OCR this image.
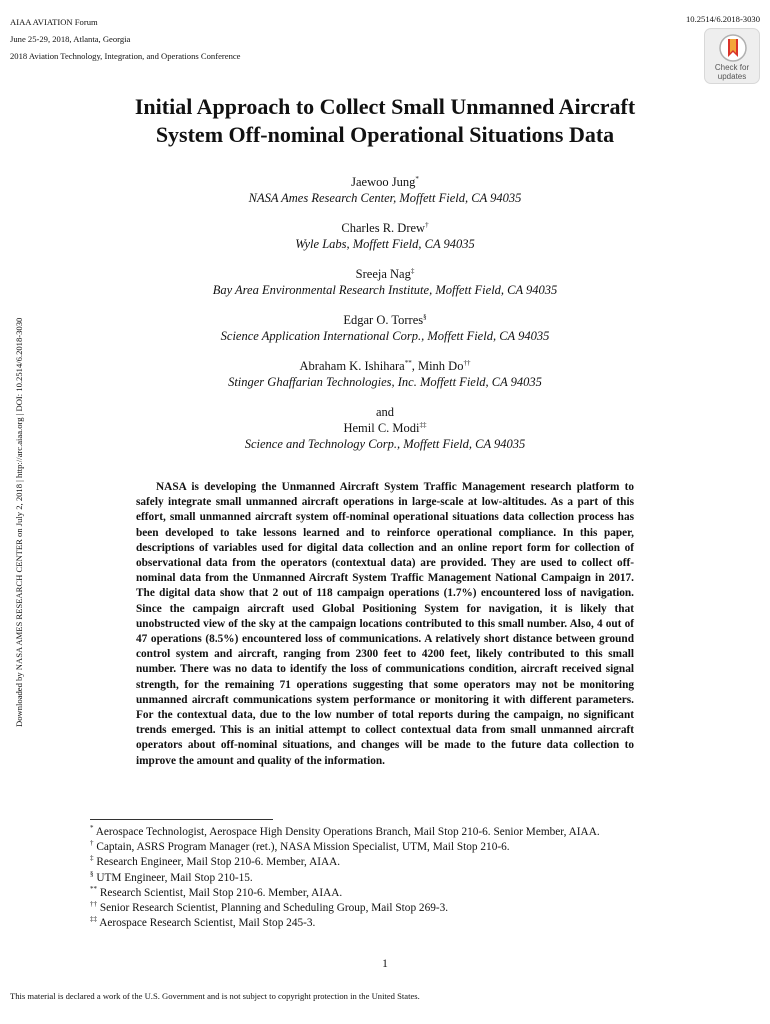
AIAA AVIATION Forum
June 25-29, 2018, Atlanta, Georgia
2018 Aviation Technology, Integration, and Operations Conference
10.2514/6.2018-3030
Check for
updates
Downloaded by NASA AMES RESEARCH CENTER on July 2, 2018 | http://arc.aiaa.org | DOI: 10.2514/6.2018-3030
Initial Approach to Collect Small Unmanned Aircraft
System Off-nominal Operational Situations Data
Jaewoo Jung*
NASA Ames Research Center, Moffett Field, CA 94035
Charles R. Drew†
Wyle Labs, Moffett Field, CA 94035
Sreeja Nag‡
Bay Area Environmental Research Institute, Moffett Field, CA 94035
Edgar O. Torres§
Science Application International Corp., Moffett Field, CA 94035
Abraham K. Ishihara**, Minh Do††
Stinger Ghaffarian Technologies, Inc. Moffett Field, CA 94035
and
Hemil C. Modi‡‡
Science and Technology Corp., Moffett Field, CA 94035

NASA is developing the Unmanned Aircraft System Traffic Management research platform to safely integrate small unmanned aircraft operations in large-scale at low-altitudes. As a part of this effort, small unmanned aircraft system off-nominal operational situations data collection process has been developed to take lessons learned and to reinforce operational compliance. In this paper, descriptions of variables used for digital data collection and an online report form for collection of observational data from the operators (contextual data) are provided. They are used to collect off-nominal data from the Unmanned Aircraft System Traffic Management National Campaign in 2017. The digital data show that 2 out of 118 campaign operations (1.7%) encountered loss of navigation. Since the campaign aircraft used Global Positioning System for navigation, it is likely that unobstructed view of the sky at the campaign locations contributed to this small number. Also, 4 out of 47 operations (8.5%) encountered loss of communications. A relatively short distance between ground control system and aircraft, ranging from 2300 feet to 4200 feet, likely contributed to this small number. There was no data to identify the loss of communications condition, aircraft received signal strength, for the remaining 71 operations suggesting that some operators may not be monitoring unmanned aircraft communications system performance or monitoring it with different parameters. For the contextual data, due to the low number of total reports during the campaign, no significant trends emerged. This is an initial attempt to collect contextual data from small unmanned aircraft operators about off-nominal situations, and changes will be made to the future data collection to improve the amount and quality of the information.

* Aerospace Technologist, Aerospace High Density Operations Branch, Mail Stop 210-6. Senior Member, AIAA.
† Captain, ASRS Program Manager (ret.), NASA Mission Specialist, UTM, Mail Stop 210-6.
‡ Research Engineer, Mail Stop 210-6. Member, AIAA.
§ UTM Engineer, Mail Stop 210-15.
** Research Scientist, Mail Stop 210-6. Member, AIAA.
†† Senior Research Scientist, Planning and Scheduling Group, Mail Stop 269-3.
‡‡ Aerospace Research Scientist, Mail Stop 245-3.
1
This material is declared a work of the U.S. Government and is not subject to copyright protection in the United States.
